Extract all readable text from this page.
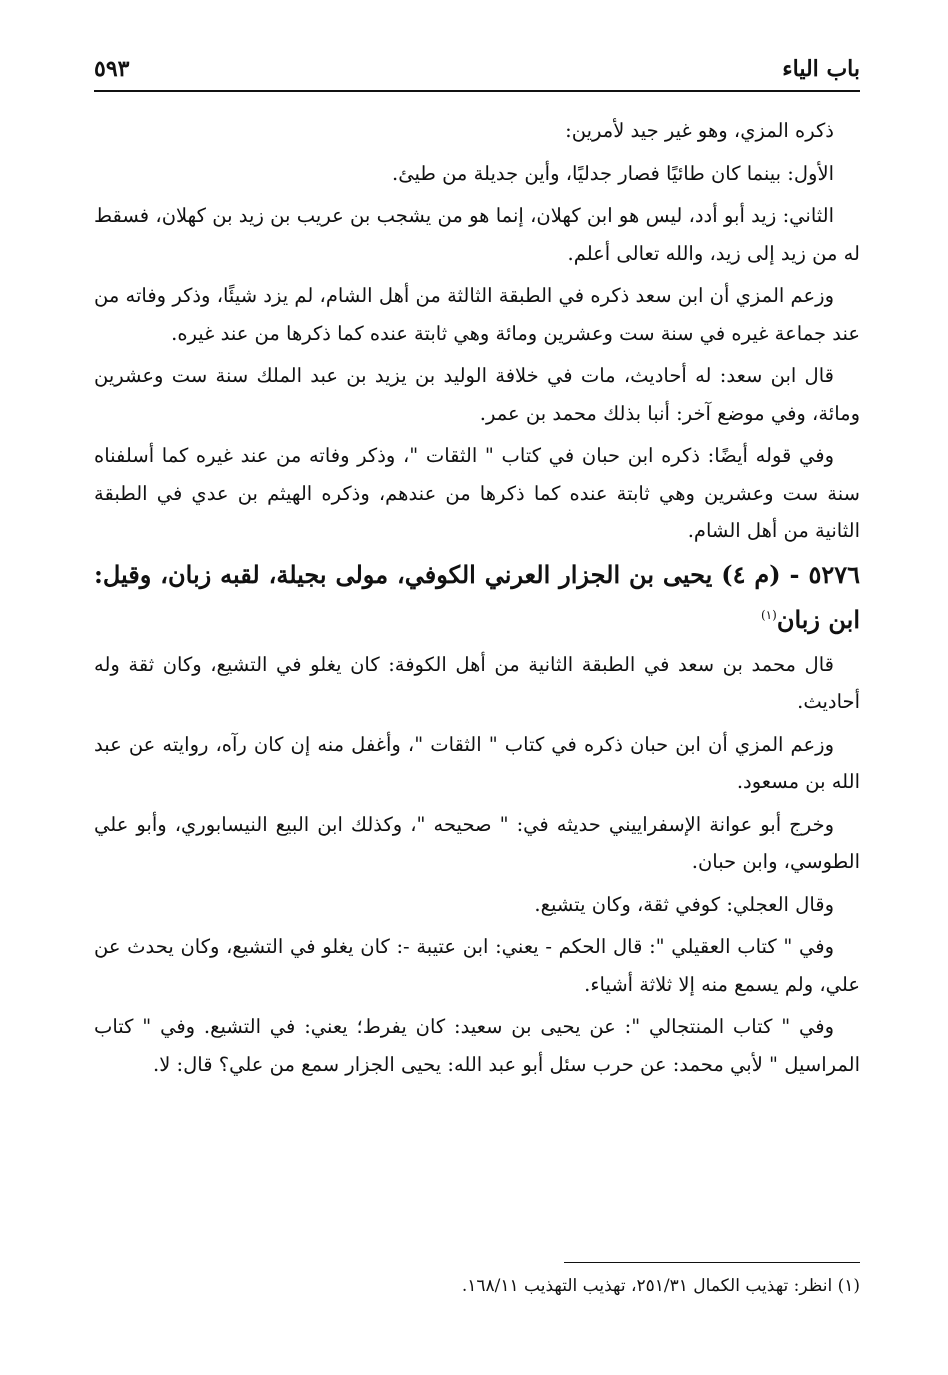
باب الياء
٥٩٣

ذكره المزي، وهو غير جيد لأمرين:

الأول: بينما كان طائيًا فصار جدليًا، وأين جديلة من طيئ.

الثاني: زيد أبو أدد، ليس هو ابن كهلان، إنما هو من يشجب بن عريب بن زيد بن كهلان، فسقط له من زيد إلى زيد، والله تعالى أعلم.

وزعم المزي أن ابن سعد ذكره في الطبقة الثالثة من أهل الشام، لم يزد شيئًا، وذكر وفاته من عند جماعة غيره في سنة ست وعشرين ومائة وهي ثابتة عنده كما ذكرها من عند غيره.

قال ابن سعد: له أحاديث، مات في خلافة الوليد بن يزيد بن عبد الملك سنة ست وعشرين ومائة، وفي موضع آخر: أنبا بذلك محمد بن عمر.

وفي قوله أيضًا: ذكره ابن حبان في كتاب " الثقات "، وذكر وفاته من عند غيره كما أسلفناه سنة ست وعشرين وهي ثابتة عنده كما ذكرها من عندهم، وذكره الهيثم بن عدي في الطبقة الثانية من أهل الشام.

٥٢٧٦ - (م ٤) يحيى بن الجزار العرني الكوفي، مولى بجيلة، لقبه زبان، وقيل: ابن زبان$^{(١)}$

قال محمد بن سعد في الطبقة الثانية من أهل الكوفة: كان يغلو في التشيع، وكان ثقة وله أحاديث.

وزعم المزي أن ابن حبان ذكره في كتاب " الثقات "، وأغفل منه إن كان رآه، روايته عن عبد الله بن مسعود.

وخرج أبو عوانة الإسفراييني حديثه في: " صحيحه "، وكذلك ابن البيع النيسابوري، وأبو علي الطوسي، وابن حبان.

وقال العجلي: كوفي ثقة، وكان يتشيع.

وفي " كتاب العقيلي ": قال الحكم - يعني: ابن عتيبة -: كان يغلو في التشيع، وكان يحدث عن علي، ولم يسمع منه إلا ثلاثة أشياء.

وفي " كتاب المنتجالي ": عن يحيى بن سعيد: كان يفرط؛ يعني: في التشيع. وفي " كتاب المراسيل " لأبي محمد: عن حرب سئل أبو عبد الله: يحيى الجزار سمع من علي؟ قال: لا.

(١) انظر: تهذيب الكمال ٢٥١/٣١، تهذيب التهذيب ١٦٨/١١.
